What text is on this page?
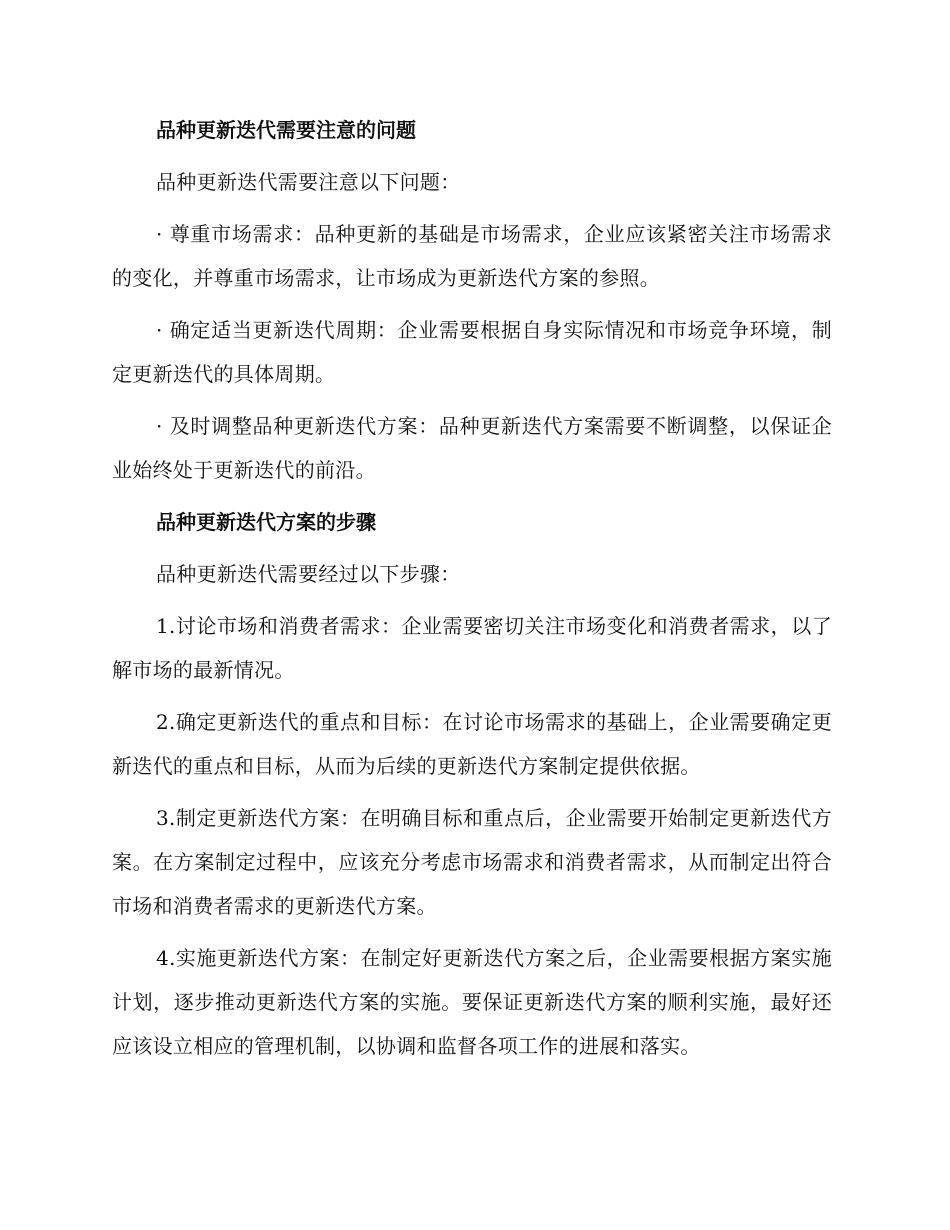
品种更新迭代需要注意的问题
品种更新迭代需要注意以下问题：
· 尊重市场需求：品种更新的基础是市场需求，企业应该紧密关注市场需求的变化，并尊重市场需求，让市场成为更新迭代方案的参照。
· 确定适当更新迭代周期：企业需要根据自身实际情况和市场竞争环境，制定更新迭代的具体周期。
· 及时调整品种更新迭代方案：品种更新迭代方案需要不断调整，以保证企业始终处于更新迭代的前沿。
品种更新迭代方案的步骤
品种更新迭代需要经过以下步骤：
1.讨论市场和消费者需求：企业需要密切关注市场变化和消费者需求，以了解市场的最新情况。
2.确定更新迭代的重点和目标：在讨论市场需求的基础上，企业需要确定更新迭代的重点和目标，从而为后续的更新迭代方案制定提供依据。
3.制定更新迭代方案：在明确目标和重点后，企业需要开始制定更新迭代方案。在方案制定过程中，应该充分考虑市场需求和消费者需求，从而制定出符合市场和消费者需求的更新迭代方案。
4.实施更新迭代方案：在制定好更新迭代方案之后，企业需要根据方案实施计划，逐步推动更新迭代方案的实施。要保证更新迭代方案的顺利实施，最好还应该设立相应的管理机制，以协调和监督各项工作的进展和落实。
